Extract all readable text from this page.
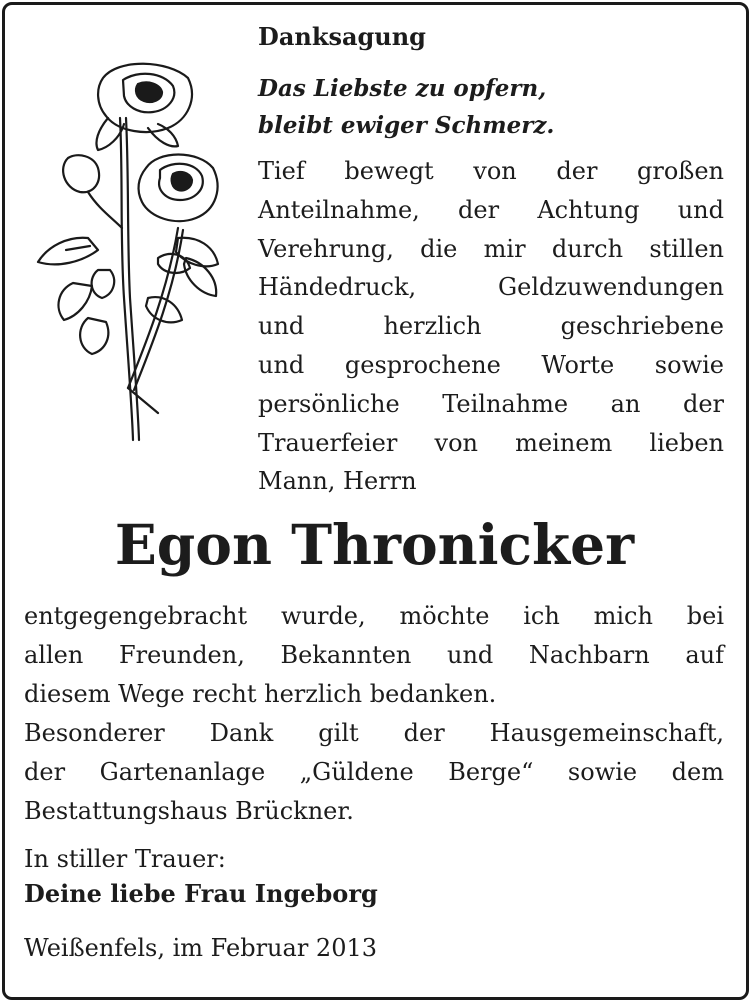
Danksagung
Das Liebste zu opfern,
bleibt ewiger Schmerz.
Tief bewegt von der großen
Anteilnahme, der Achtung und
Verehrung, die mir durch stillen
Händedruck, Geldzuwendungen
und herzlich geschriebene
und gesprochene Worte sowie
persönliche Teilnahme an der
Trauerfeier von meinem lieben
Mann, Herrn
Egon Thronicker
entgegengebracht wurde, möchte ich mich bei
allen Freunden, Bekannten und Nachbarn auf
diesem Wege recht herzlich bedanken.
Besonderer Dank gilt der Hausgemeinschaft,
der Gartenanlage „Güldene Berge“ sowie dem
Bestattungshaus Brückner.
In stiller Trauer:
Deine liebe Frau Ingeborg
Weißenfels, im Februar 2013
